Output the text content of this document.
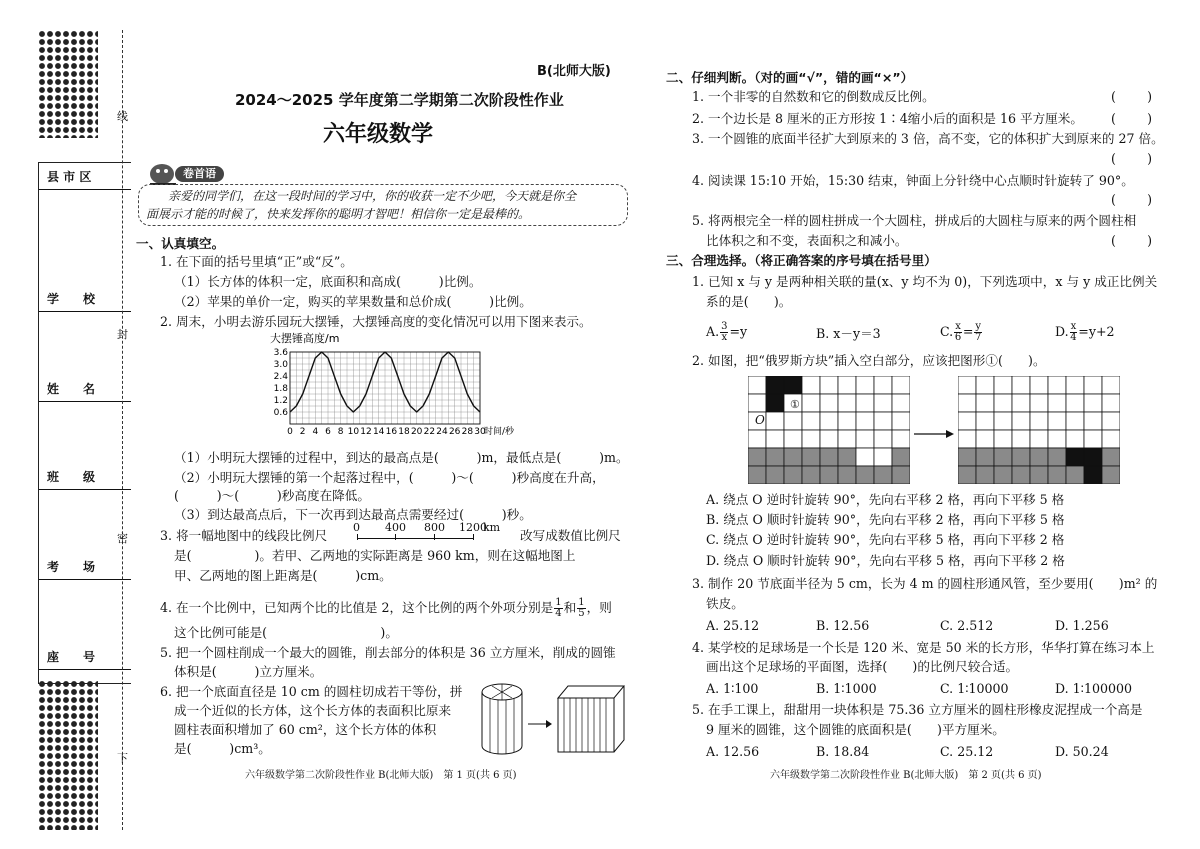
县 市 区
学　　校
姓　　名
班　　级
考　　场
座　　号
线
封
密
下
B(北师大版)
2024～2025 学年度第二学期第二次阶段性作业
六年级数学
卷首语
亲爱的同学们，在这一段时间的学习中，你的收获一定不少吧，今天就是你全
面展示才能的时候了，快来发挥你的聪明才智吧！相信你一定是最棒的。
一、认真填空。
1. 在下面的括号里填“正”或“反”。
（1）长方体的体积一定，底面积和高成(　　　)比例。
（2）苹果的单价一定，购买的苹果数量和总价成(　　　)比例。
2. 周末，小明去游乐园玩大摆锤，大摆锤高度的变化情况可以用下图来表示。
大摆锤高度/m
0.6
1.2
1.8
2.4
3.0
3.6
0 2 4 6 8 10 12 14 16 18 20 22 24 26 28 30
时间/秒
（1）小明玩大摆锤的过程中，到达的最高点是(　　　)m，最低点是(　　　)m。
（2）小明玩大摆锤的第一个起落过程中，(　　　)～(　　　)秒高度在升高，
(　　　)～(　　　)秒高度在降低。
（3）到达最高点后，下一次再到达最高点需要经过(　　　)秒。
3. 将一幅地图中的线段比例尺
0 400 800 1200
km
改写成数值比例尺
是(　　　　　)。若甲、乙两地的实际距离是 960 km，则在这幅地图上
甲、乙两地的图上距离是(　　　)cm。
4. 在一个比例中，已知两个比的比值是 2，这个比例的两个外项分别是 $\frac{1}{4}$ 和 $\frac{1}{5}$ ，则
这个比例可能是(　　　　　　　　　)。
5. 把一个圆柱削成一个最大的圆锥，削去部分的体积是 36 立方厘米，削成的圆锥
体积是(　　　)立方厘米。
6. 把一个底面直径是 10 cm 的圆柱切成若干等份，拼
成一个近似的长方体，这个长方体的表面积比原来
圆柱表面积增加了 60 cm²，这个长方体的体积
是(　　　)cm³。
六年级数学第二次阶段性作业 B(北师大版)　第 1 页(共 6 页)
二、仔细判断。（对的画“√”，错的画“×”）
1. 一个非零的自然数和它的倒数成反比例。	(　　)
2. 一个边长是 8 厘米的正方形按 1∶4缩小后的面积是 16 平方厘米。 (　　)
3. 一个圆锥的底面半径扩大到原来的 3 倍，高不变，它的体积扩大到原来的 27 倍。
(　　)
4. 阅读课 15:10 开始，15:30 结束，钟面上分针绕中心点顺时针旋转了 90°。
(　　)
5. 将两根完全一样的圆柱拼成一个大圆柱，拼成后的大圆柱与原来的两个圆柱相
比体积之和不变，表面积之和减小。	(　　)
三、合理选择。（将正确答案的序号填在括号里）
1. 已知 x 与 y 是两种相关联的量(x、y 均不为 0)，下列选项中，x 与 y 成正比例关
系的是(　　)。
A. $\frac{3}{x} =y$	B. x－y＝3	C. $\frac{x}{6} = \frac{y}{7}$	D. $\frac{x}{4} =y+2$
2. 如图，把“俄罗斯方块”插入空白部分，应该把图形①(　　)。
①
O
A. 绕点 O 逆时针旋转 90°，先向右平移 2 格，再向下平移 5 格
B. 绕点 O 顺时针旋转 90°，先向右平移 2 格，再向下平移 5 格
C. 绕点 O 逆时针旋转 90°，先向右平移 5 格，再向下平移 2 格
D. 绕点 O 顺时针旋转 90°，先向右平移 5 格，再向下平移 2 格
3. 制作 20 节底面半径为 5 cm，长为 4 m 的圆柱形通风管，至少要用(　　)m² 的
铁皮。
A. 25.12	B. 12.56	C. 2.512	D. 1.256
4. 某学校的足球场是一个长是 120 米、宽是 50 米的长方形，华华打算在练习本上
画出这个足球场的平面图，选择(　　)的比例尺较合适。
A. 1∶100	B. 1∶1000	C. 1∶10000	D. 1∶100000
5. 在手工课上，甜甜用一块体积是 75.36 立方厘米的圆柱形橡皮泥捏成一个高是
9 厘米的圆锥，这个圆锥的底面积是(　　)平方厘米。
A. 12.56	B. 18.84	C. 25.12	D. 50.24
六年级数学第二次阶段性作业 B(北师大版)　第 2 页(共 6 页)
